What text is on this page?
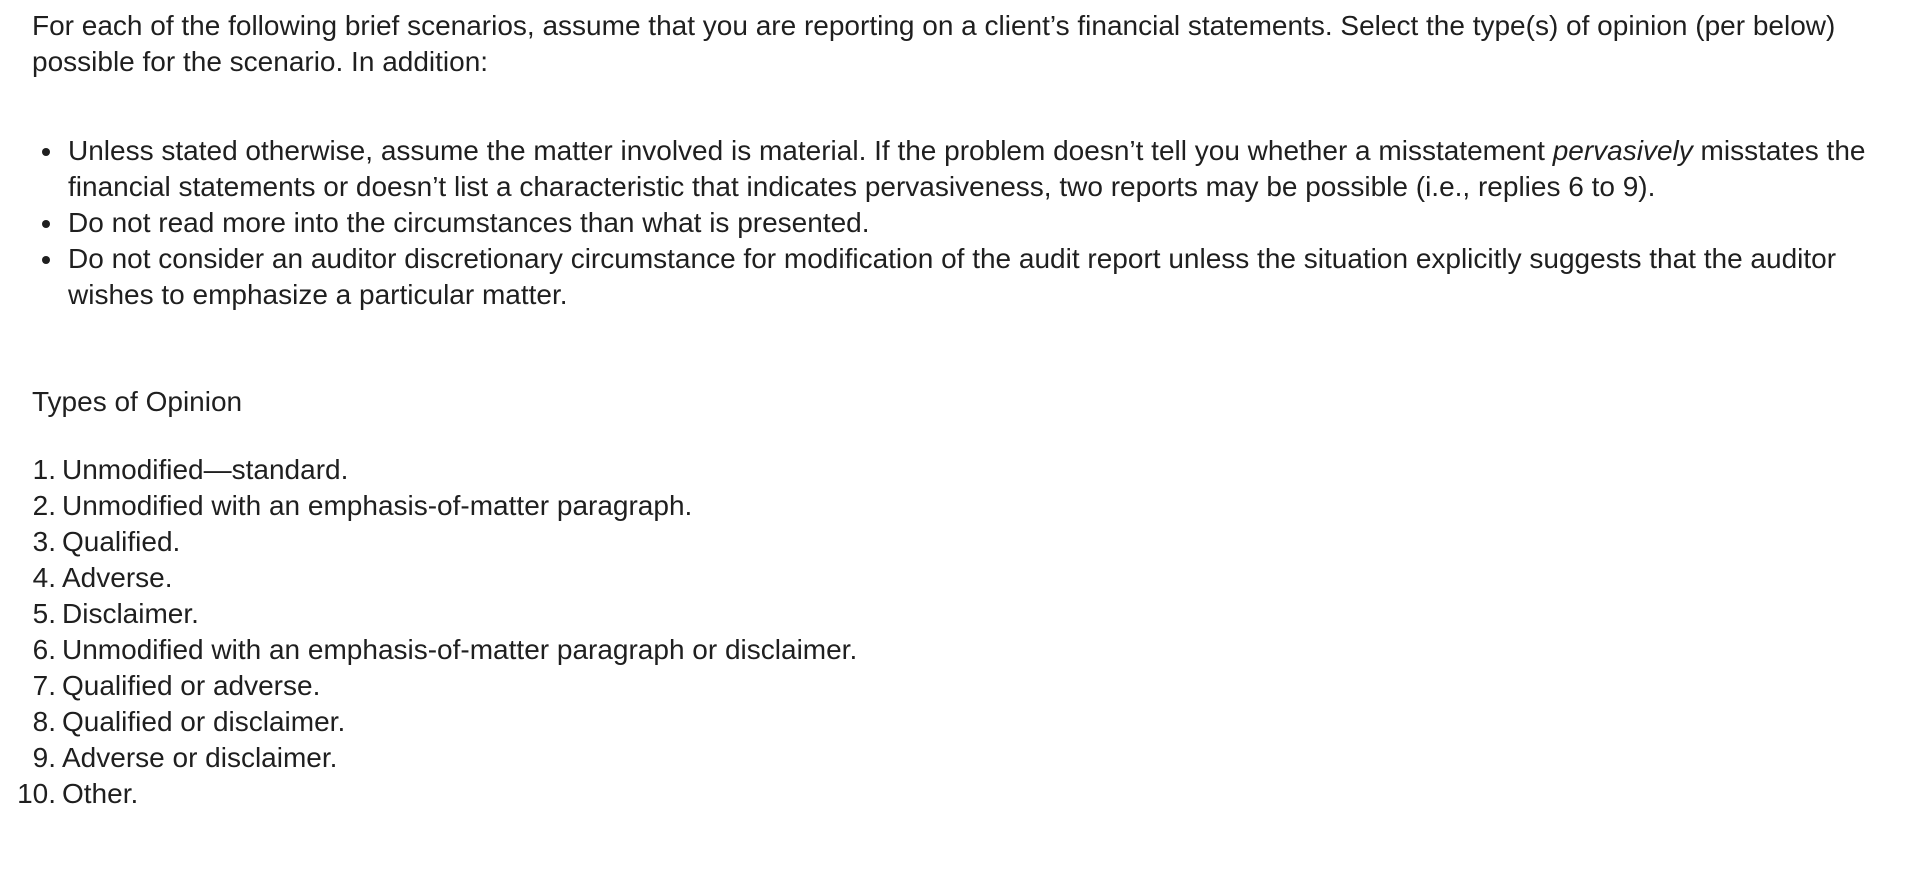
For each of the following brief scenarios, assume that you are reporting on a client’s financial statements. Select the type(s) of opinion (per below) possible for the scenario. In addition:

Unless stated otherwise, assume the matter involved is material. If the problem doesn’t tell you whether a misstatement pervasively misstates the financial statements or doesn’t list a characteristic that indicates pervasiveness, two reports may be possible (i.e., replies 6 to 9).
Do not read more into the circumstances than what is presented.
Do not consider an auditor discretionary circumstance for modification of the audit report unless the situation explicitly suggests that the auditor wishes to emphasize a particular matter.
Types of Opinion
1. Unmodified—standard.
2. Unmodified with an emphasis-of-matter paragraph.
3. Qualified.
4. Adverse.
5. Disclaimer.
6. Unmodified with an emphasis-of-matter paragraph or disclaimer.
7. Qualified or adverse.
8. Qualified or disclaimer.
9. Adverse or disclaimer.
10. Other.
